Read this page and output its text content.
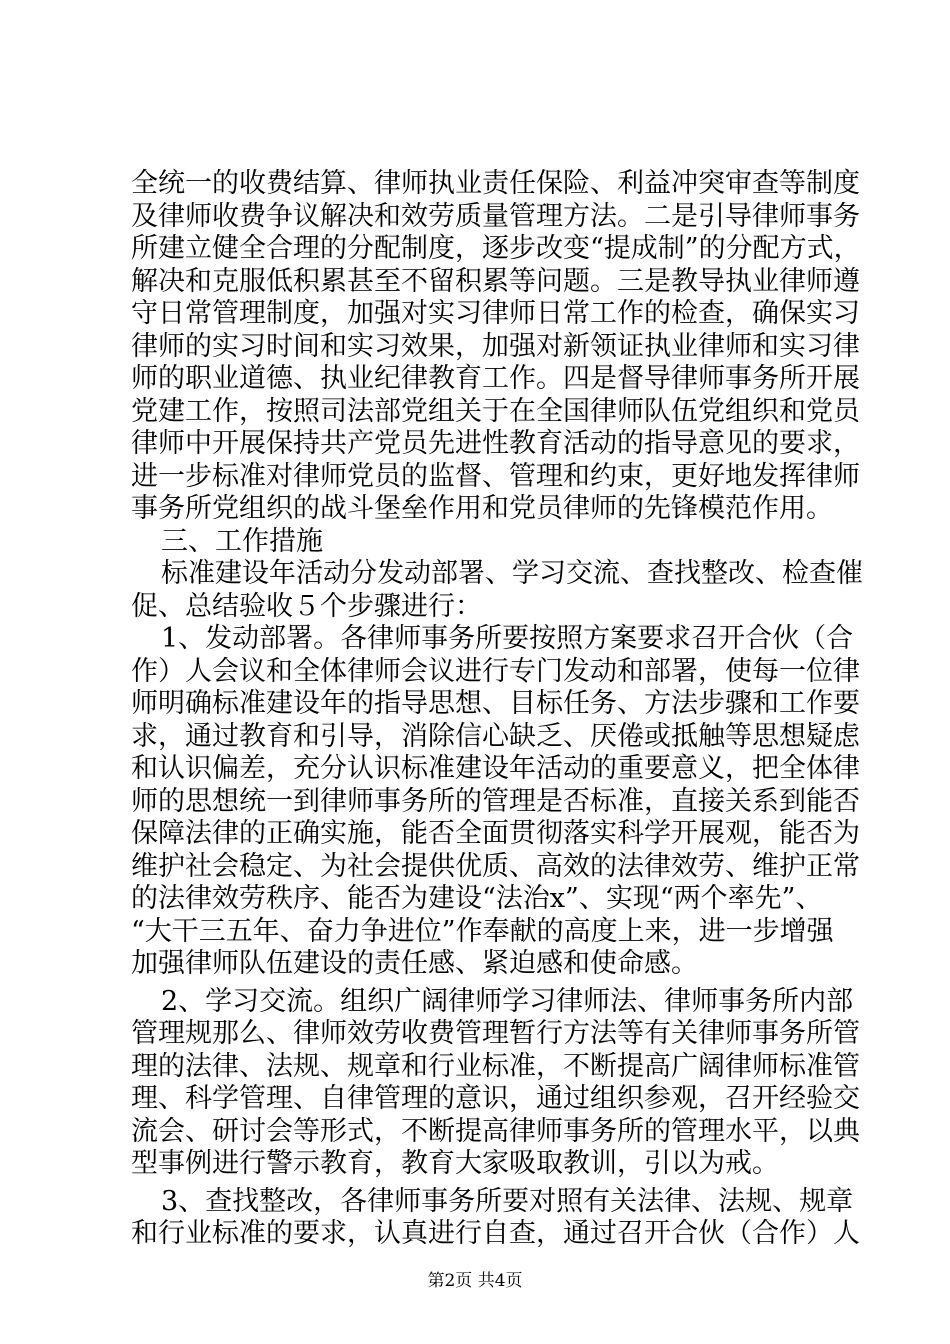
全统一的收费结算、律师执业责任保险、利益冲突审查等制度
及律师收费争议解决和效劳质量管理方法。二是引导律师事务
所建立健全合理的分配制度，逐步改变“提成制”的分配方式，
解决和克服低积累甚至不留积累等问题。三是教导执业律师遵
守日常管理制度，加强对实习律师日常工作的检查，确保实习
律师的实习时间和实习效果，加强对新领证执业律师和实习律
师的职业道德、执业纪律教育工作。四是督导律师事务所开展
党建工作，按照司法部党组关于在全国律师队伍党组织和党员
律师中开展保持共产党员先进性教育活动的指导意见的要求，
进一步标准对律师党员的监督、管理和约束，更好地发挥律师
事务所党组织的战斗堡垒作用和党员律师的先锋模范作用。
三、工作措施
标准建设年活动分发动部署、学习交流、查找整改、检查催
促、总结验收５个步骤进行：
1、发动部署。各律师事务所要按照方案要求召开合伙（合
作）人会议和全体律师会议进行专门发动和部署，使每一位律
师明确标准建设年的指导思想、目标任务、方法步骤和工作要
求，通过教育和引导，消除信心缺乏、厌倦或抵触等思想疑虑
和认识偏差，充分认识标准建设年活动的重要意义，把全体律
师的思想统一到律师事务所的管理是否标准，直接关系到能否
保障法律的正确实施，能否全面贯彻落实科学开展观，能否为
维护社会稳定、为社会提供优质、高效的法律效劳、维护正常
的法律效劳秩序、能否为建设“法治x”、实现“两个率先”、
“大干三五年、奋力争进位”作奉献的高度上来，进一步增强
加强律师队伍建设的责任感、紧迫感和使命感。
2、学习交流。组织广阔律师学习律师法、律师事务所内部
管理规那么、律师效劳收费管理暂行方法等有关律师事务所管
理的法律、法规、规章和行业标准，不断提高广阔律师标准管
理、科学管理、自律管理的意识，通过组织参观，召开经验交
流会、研讨会等形式，不断提高律师事务所的管理水平，以典
型事例进行警示教育，教育大家吸取教训，引以为戒。
3、查找整改，各律师事务所要对照有关法律、法规、规章
和行业标准的要求，认真进行自查，通过召开合伙（合作）人
第2页 共4页
